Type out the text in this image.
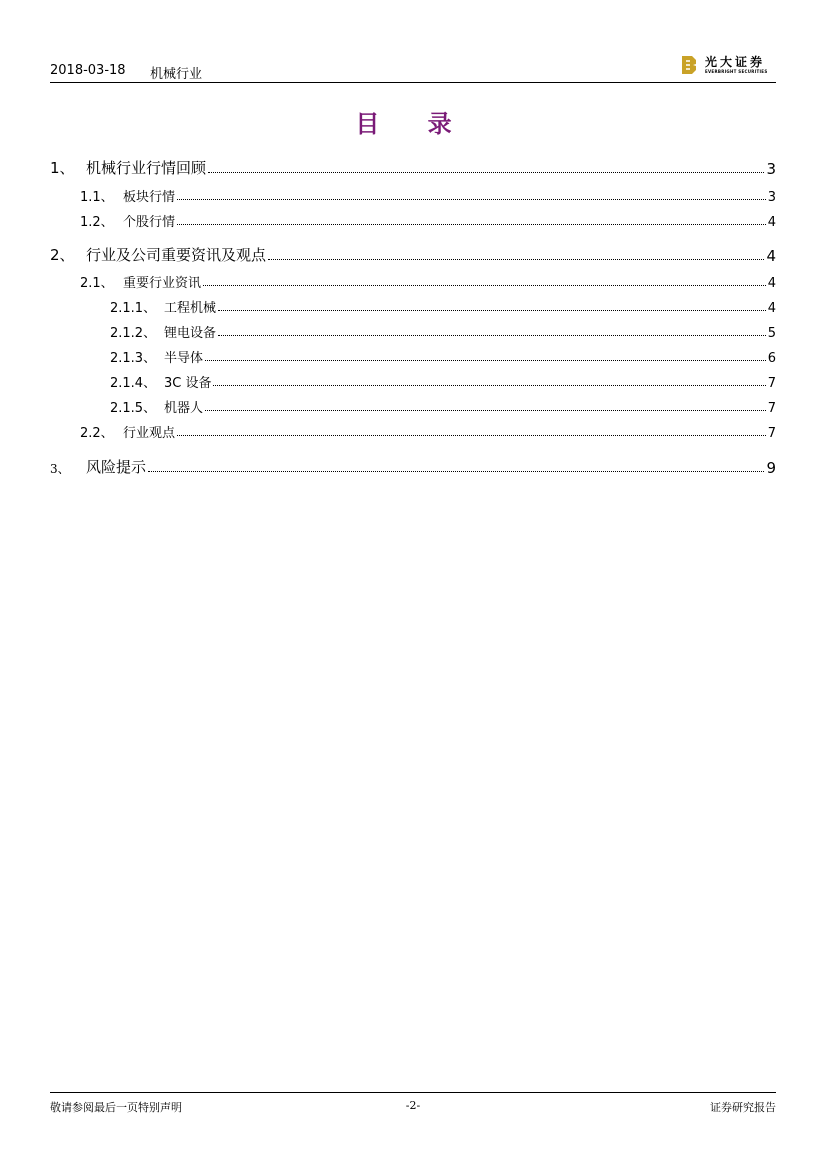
2018-03-18 机械行业
光大证券
EVERBRIGHT SECURITIES
目 录
1、 机械行业行情回顾	3
1.1、 板块行情	3
1.2、 个股行情	4
2、 行业及公司重要资讯及观点	4
2.1、 重要行业资讯	4
2.1.1、 工程机械	4
2.1.2、 锂电设备	5
2.1.3、 半导体	6
2.1.4、 3C 设备	7
2.1.5、 机器人	7
2.2、 行业观点	7
3、	风险提示	9
敬请参阅最后一页特别声明	-2-	证券研究报告
